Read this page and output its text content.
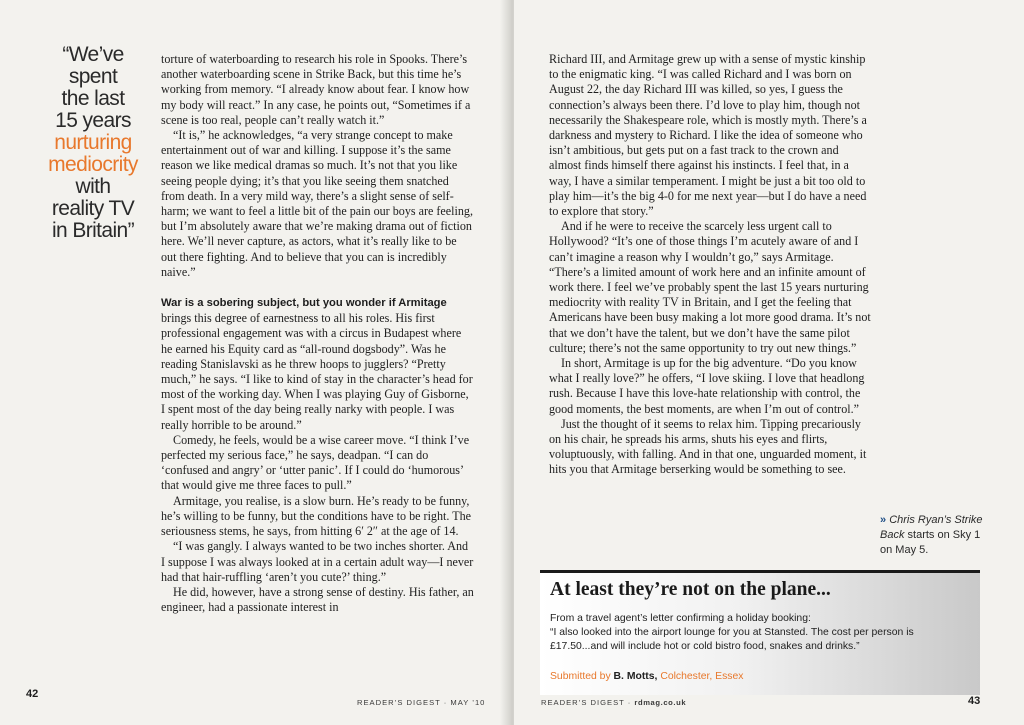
“We’ve
spent
the last
15 years
nurturing
mediocrity
with
reality TV
in Britain”

torture of waterboarding to research his role in Spooks. There’s another waterboarding scene in Strike Back, but this time he’s working from memory. “I already know about fear. I know how my body will react.” In any case, he points out, “Sometimes if a scene is too real, people can’t really watch it.”

“It is,” he acknowledges, “a very strange concept to make entertainment out of war and killing. I suppose it’s the same reason we like medical dramas so much. It’s not that you like seeing people dying; it’s that you like seeing them snatched from death. In a very mild way, there’s a slight sense of self-harm; we want to feel a little bit of the pain our boys are feeling, but I’m absolutely aware that we’re making drama out of fiction here. We’ll never capture, as actors, what it’s really like to be out there fighting. And to believe that you can is incredibly naive.”

War is a sobering subject, but you wonder if Armitage brings this degree of earnestness to all his roles. His first professional engagement was with a circus in Budapest where he earned his Equity card as “all-round dogsbody”. Was he reading Stanislavski as he threw hoops to jugglers? “Pretty much,” he says. “I like to kind of stay in the character’s head for most of the working day. When I was playing Guy of Gisborne, I spent most of the day being really narky with people. I was really horrible to be around.”

Comedy, he feels, would be a wise career move. “I think I’ve perfected my serious face,” he says, deadpan. “I can do ‘confused and angry’ or ‘utter panic’. If I could do ‘humorous’ that would give me three faces to pull.”

Armitage, you realise, is a slow burn. He’s ready to be funny, he’s willing to be funny, but the conditions have to be right. The seriousness stems, he says, from hitting 6′ 2″ at the age of 14.

“I was gangly. I always wanted to be two inches shorter. And I suppose I was always looked at in a certain adult way—I never had that hair-ruffling ‘aren’t you cute?’ thing.”

He did, however, have a strong sense of destiny. His father, an engineer, had a passionate interest in

42
READER’S DIGEST · MAY ’10

Richard III, and Armitage grew up with a sense of mystic kinship to the enigmatic king. “I was called Richard and I was born on August 22, the day Richard III was killed, so yes, I guess the connection’s always been there. I’d love to play him, though not necessarily the Shakespeare role, which is mostly myth. There’s a darkness and mystery to Richard. I like the idea of someone who isn’t ambitious, but gets put on a fast track to the crown and almost finds himself there against his instincts. I feel that, in a way, I have a similar temperament. I might be just a bit too old to play him—it’s the big 4-0 for me next year—but I do have a need to explore that story.”

And if he were to receive the scarcely less urgent call to Hollywood? “It’s one of those things I’m acutely aware of and I can’t imagine a reason why I wouldn’t go,” says Armitage. “There’s a limited amount of work here and an infinite amount of work there. I feel we’ve probably spent the last 15 years nurturing mediocrity with reality TV in Britain, and I get the feeling that Americans have been busy making a lot more good drama. It’s not that we don’t have the talent, but we don’t have the same pilot culture; there’s not the same opportunity to try out new things.”

In short, Armitage is up for the big adventure. “Do you know what I really love?” he offers, “I love skiing. I love that headlong rush. Because I have this love-hate relationship with control, the good moments, the best moments, are when I’m out of control.”

Just the thought of it seems to relax him. Tipping precariously on his chair, he spreads his arms, shuts his eyes and flirts, voluptuously, with falling. And in that one, unguarded moment, it hits you that Armitage berserking would be something to see.

» Chris Ryan’s Strike Back starts on Sky 1 on May 5.
At least they’re not on the plane...
From a travel agent’s letter confirming a holiday booking:
“I also looked into the airport lounge for you at Stansted. The cost per person is £17.50...and will include hot or cold bistro food, snakes and drinks.”
Submitted by B. Motts, Colchester, Essex
READER’S DIGEST · rdmag.co.uk	43
